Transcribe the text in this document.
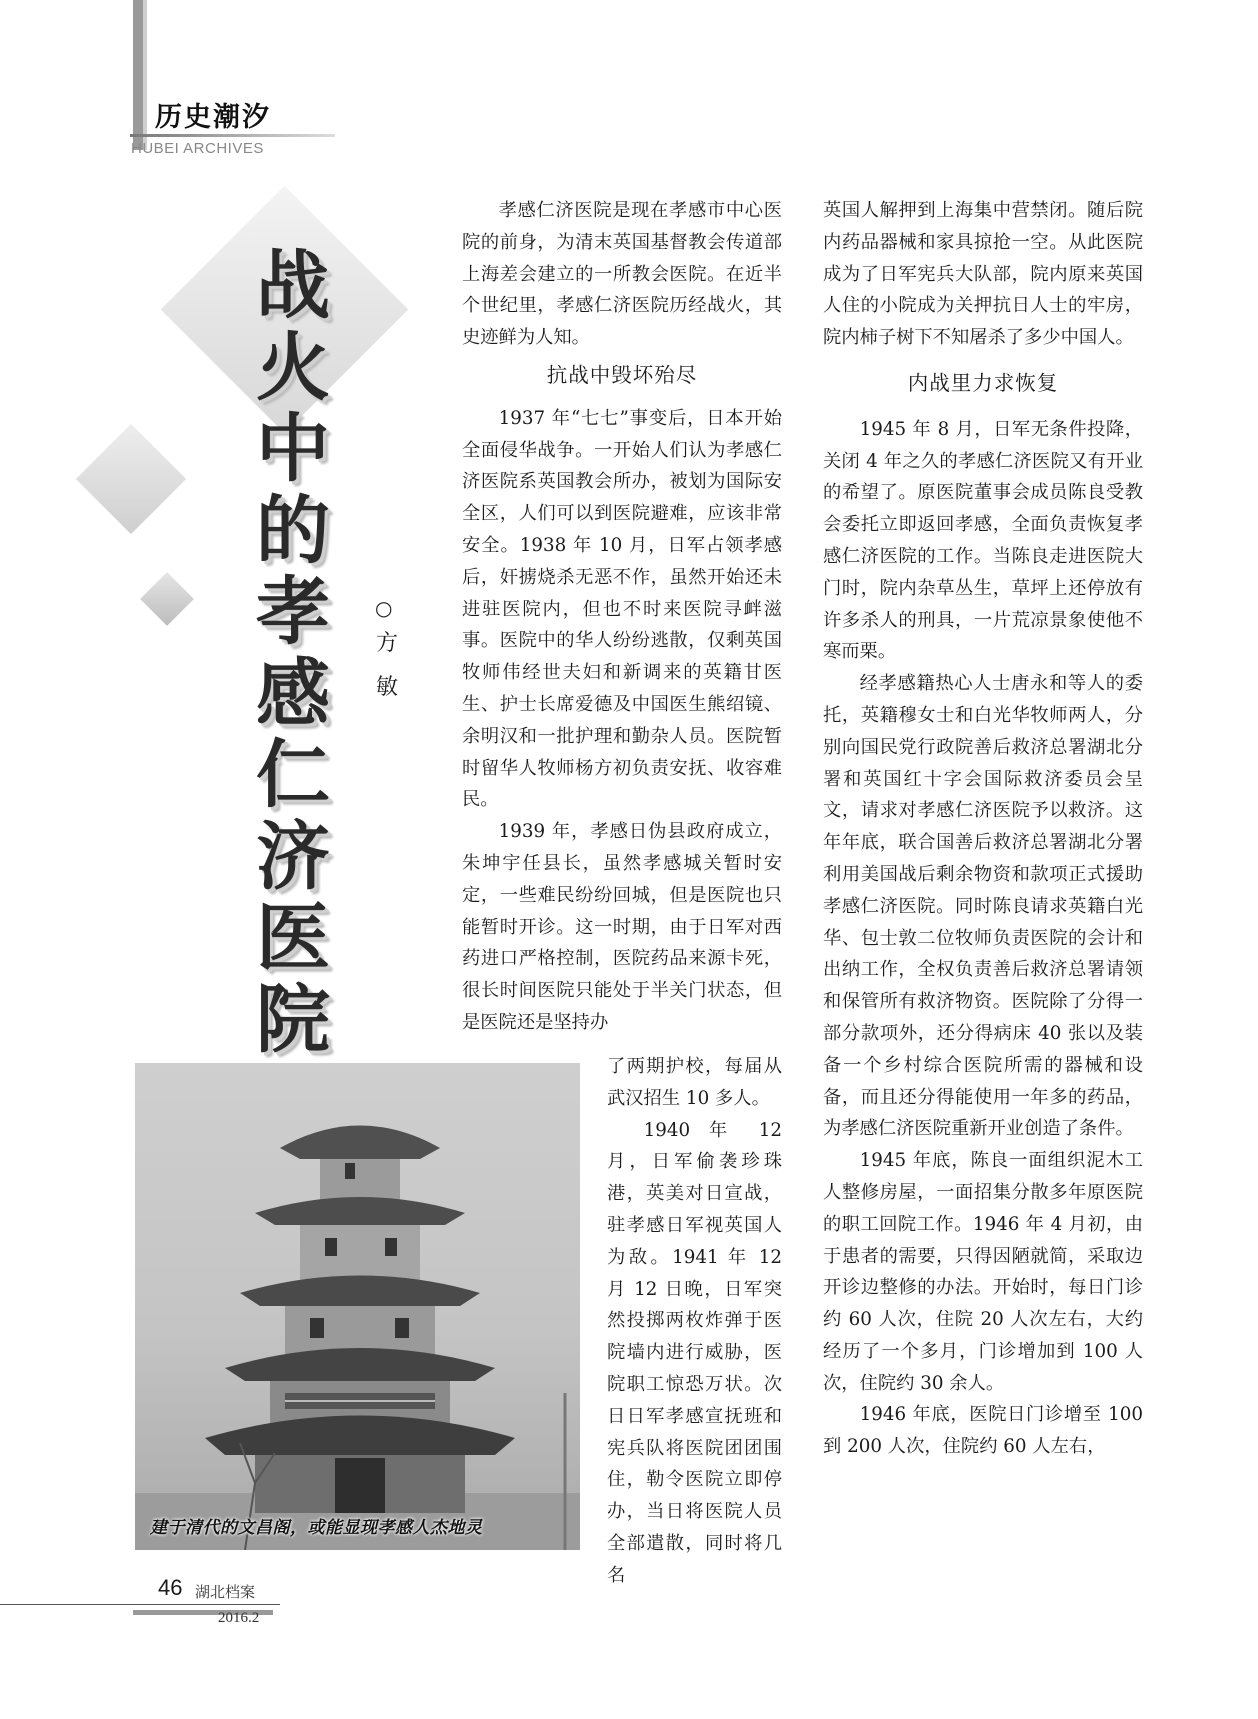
历史潮汐
HUBEI ARCHIVES
战
火
中
的
孝
感
仁
济
医
院
○
方
敏

孝感仁济医院是现在孝感市中心医院的前身，为清末英国基督教会传道部上海差会建立的一所教会医院。在近半个世纪里，孝感仁济医院历经战火，其史迹鲜为人知。

抗战中毁坏殆尽

1937 年“七七”事变后，日本开始全面侵华战争。一开始人们认为孝感仁济医院系英国教会所办，被划为国际安全区，人们可以到医院避难，应该非常安全。1938 年 10 月，日军占领孝感后，奸掳烧杀无恶不作，虽然开始还未进驻医院内，但也不时来医院寻衅滋事。医院中的华人纷纷逃散，仅剩英国牧师伟经世夫妇和新调来的英籍甘医生、护士长席爱德及中国医生熊绍镜、余明汉和一批护理和勤杂人员。医院暂时留华人牧师杨方初负责安抚、收容难民。

1939 年，孝感日伪县政府成立，朱坤宇任县长，虽然孝感城关暂时安定，一些难民纷纷回城，但是医院也只能暂时开诊。这一时期，由于日军对西药进口严格控制，医院药品来源卡死，很长时间医院只能处于半关门状态，但是医院还是坚持办

了两期护校，每届从武汉招生 10 多人。

1940 年 12 月，日军偷袭珍珠港，英美对日宣战，驻孝感日军视英国人为敌。1941 年 12 月 12 日晚，日军突然投掷两枚炸弹于医院墙内进行威胁，医院职工惊恐万状。次日日军孝感宣抚班和宪兵队将医院团团围住，勒令医院立即停办，当日将医院人员全部遣散，同时将几名

英国人解押到上海集中营禁闭。随后院内药品器械和家具掠抢一空。从此医院成为了日军宪兵大队部，院内原来英国人住的小院成为关押抗日人士的牢房，院内柿子树下不知屠杀了多少中国人。

内战里力求恢复

1945 年 8 月，日军无条件投降，关闭 4 年之久的孝感仁济医院又有开业的希望了。原医院董事会成员陈良受教会委托立即返回孝感，全面负责恢复孝感仁济医院的工作。当陈良走进医院大门时，院内杂草丛生，草坪上还停放有许多杀人的刑具，一片荒凉景象使他不寒而栗。

经孝感籍热心人士唐永和等人的委托，英籍穆女士和白光华牧师两人，分别向国民党行政院善后救济总署湖北分署和英国红十字会国际救济委员会呈文，请求对孝感仁济医院予以救济。这年年底，联合国善后救济总署湖北分署利用美国战后剩余物资和款项正式援助孝感仁济医院。同时陈良请求英籍白光华、包士敦二位牧师负责医院的会计和出纳工作，全权负责善后救济总署请领和保管所有救济物资。医院除了分得一部分款项外，还分得病床 40 张以及装备一个乡村综合医院所需的器械和设备，而且还分得能使用一年多的药品，为孝感仁济医院重新开业创造了条件。

1945 年底，陈良一面组织泥木工人整修房屋，一面招集分散多年原医院的职工回院工作。1946 年 4 月初，由于患者的需要，只得因陋就简，采取边开诊边整修的办法。开始时，每日门诊约 60 人次，住院 20 人次左右，大约经历了一个多月，门诊增加到 100 人次，住院约 30 余人。

1946 年底，医院日门诊增至 100 到 200 人次，住院约 60 人左右，

建于清代的文昌阁，或能显现孝感人杰地灵
46 湖北档案
2016.2
